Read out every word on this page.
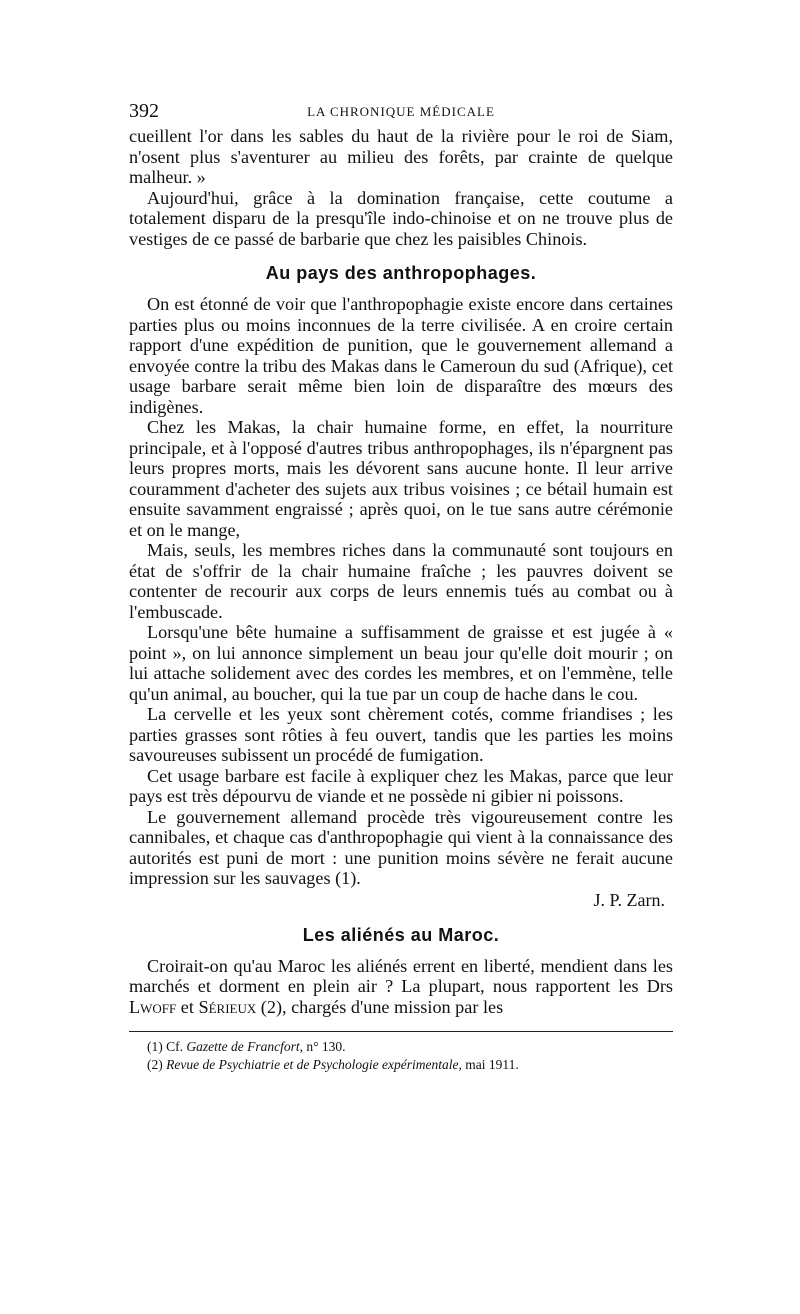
392	LA CHRONIQUE MÉDICALE

cueillent l'or dans les sables du haut de la rivière pour le roi de Siam, n'osent plus s'aventurer au milieu des forêts, par crainte de quelque malheur. »

Aujourd'hui, grâce à la domination française, cette coutume a totalement disparu de la presqu'île indo-chinoise et on ne trouve plus de vestiges de ce passé de barbarie que chez les paisibles Chinois.

Au pays des anthropophages.

On est étonné de voir que l'anthropophagie existe encore dans certaines parties plus ou moins inconnues de la terre civilisée. A en croire certain rapport d'une expédition de punition, que le gouvernement allemand a envoyée contre la tribu des Makas dans le Cameroun du sud (Afrique), cet usage barbare serait même bien loin de disparaître des mœurs des indigènes.

Chez les Makas, la chair humaine forme, en effet, la nourriture principale, et à l'opposé d'autres tribus anthropophages, ils n'épargnent pas leurs propres morts, mais les dévorent sans aucune honte. Il leur arrive couramment d'acheter des sujets aux tribus voisines ; ce bétail humain est ensuite savamment engraissé ; après quoi, on le tue sans autre cérémonie et on le mange,

Mais, seuls, les membres riches dans la communauté sont toujours en état de s'offrir de la chair humaine fraîche ; les pauvres doivent se contenter de recourir aux corps de leurs ennemis tués au combat ou à l'embuscade.

Lorsqu'une bête humaine a suffisamment de graisse et est jugée à « point », on lui annonce simplement un beau jour qu'elle doit mourir ; on lui attache solidement avec des cordes les membres, et on l'emmène, telle qu'un animal, au boucher, qui la tue par un coup de hache dans le cou.

La cervelle et les yeux sont chèrement cotés, comme friandises ; les parties grasses sont rôties à feu ouvert, tandis que les parties les moins savoureuses subissent un procédé de fumigation.

Cet usage barbare est facile à expliquer chez les Makas, parce que leur pays est très dépourvu de viande et ne possède ni gibier ni poissons.

Le gouvernement allemand procède très vigoureusement contre les cannibales, et chaque cas d'anthropophagie qui vient à la connaissance des autorités est puni de mort : une punition moins sévère ne ferait aucune impression sur les sauvages (1).

J. P. Zarn.

Les aliénés au Maroc.

Croirait-on qu'au Maroc les aliénés errent en liberté, mendient dans les marchés et dorment en plein air ? La plupart, nous rapportent les Drs Lwoff et Sérieux (2), chargés d'une mission par les

(1) Cf. Gazette de Francfort, n° 130.

(2) Revue de Psychiatrie et de Psychologie expérimentale, mai 1911.
